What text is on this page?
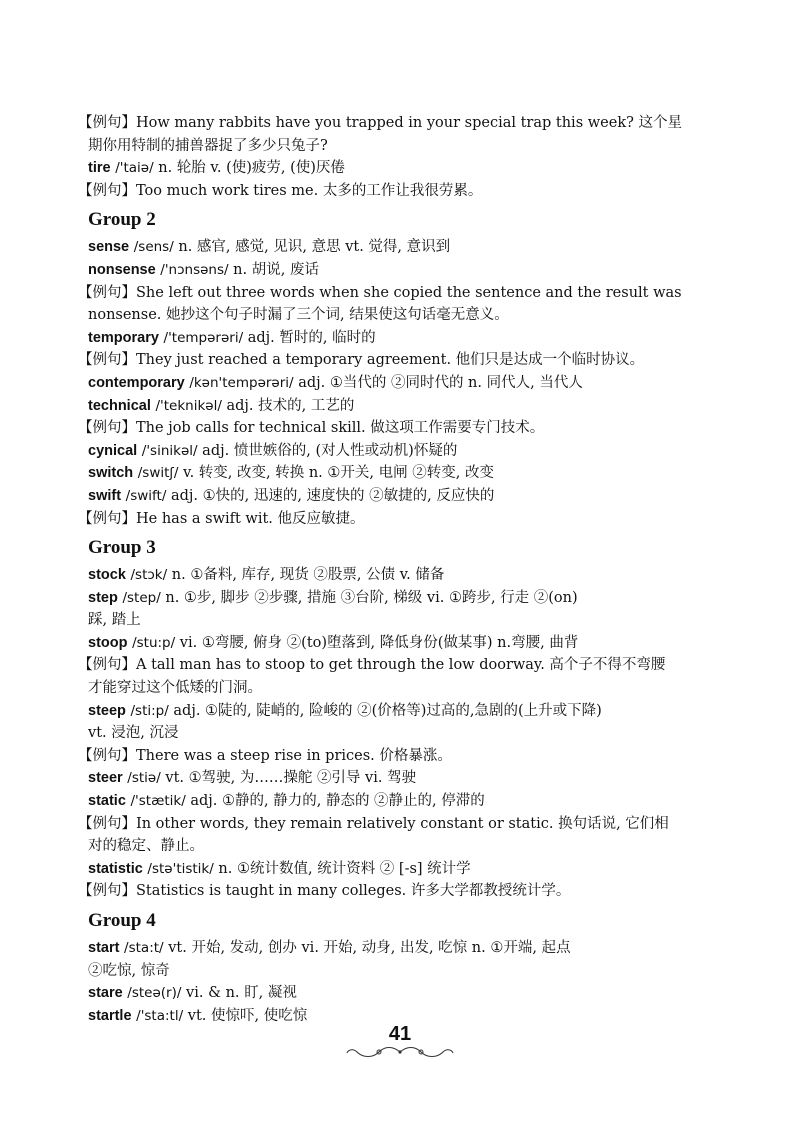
【例句】How many rabbits have you trapped in your special trap this week? 这个星
期你用特制的捕兽器捉了多少只兔子?
tire /'taiə/ n. 轮胎 v. (使)疲劳, (使)厌倦
【例句】Too much work tires me. 太多的工作让我很劳累。
Group 2
sense /sens/ n. 感官, 感觉, 见识, 意思 vt. 觉得, 意识到
nonsense /'nɔnsəns/ n. 胡说, 废话
【例句】She left out three words when she copied the sentence and the result was
nonsense. 她抄这个句子时漏了三个词, 结果使这句话毫无意义。
temporary /'tempərəri/ adj. 暂时的, 临时的
【例句】They just reached a temporary agreement. 他们只是达成一个临时协议。
contemporary /kən'tempərəri/ adj. ①当代的 ②同时代的 n. 同代人, 当代人
technical /'teknikəl/ adj. 技术的, 工艺的
【例句】The job calls for technical skill. 做这项工作需要专门技术。
cynical /'sinikəl/ adj. 愤世嫉俗的, (对人性或动机)怀疑的
switch /switʃ/ v. 转变, 改变, 转换 n. ①开关, 电闸 ②转变, 改变
swift /swift/ adj. ①快的, 迅速的, 速度快的 ②敏捷的, 反应快的
【例句】He has a swift wit. 他反应敏捷。
Group 3
stock /stɔk/ n. ①备料, 库存, 现货 ②股票, 公债 v. 储备
step /step/ n. ①步, 脚步 ②步骤, 措施 ③台阶, 梯级 vi. ①跨步, 行走 ②(on)
踩, 踏上
stoop /stu:p/ vi. ①弯腰, 俯身 ②(to)堕落到, 降低身份(做某事) n.弯腰, 曲背
【例句】A tall man has to stoop to get through the low doorway. 高个子不得不弯腰
才能穿过这个低矮的门洞。
steep /sti:p/ adj. ①陡的, 陡峭的, 险峻的 ②(价格等)过高的,急剧的(上升或下降)
vt. 浸泡, 沉浸
【例句】There was a steep rise in prices. 价格暴涨。
steer /stiə/ vt. ①驾驶, 为……操舵 ②引导 vi. 驾驶
static /'stætik/ adj. ①静的, 静力的, 静态的 ②静止的, 停滞的
【例句】In other words, they remain relatively constant or static. 换句话说, 它们相
对的稳定、静止。
statistic /stə'tistik/ n. ①统计数值, 统计资料 ② [-s] 统计学
【例句】Statistics is taught in many colleges. 许多大学都教授统计学。
Group 4
start /sta:t/ vt. 开始, 发动, 创办 vi. 开始, 动身, 出发, 吃惊 n. ①开端, 起点
②吃惊, 惊奇
stare /steə(r)/ vi. & n. 盯, 凝视
startle /'sta:tl/ vt. 使惊吓, 使吃惊
41
